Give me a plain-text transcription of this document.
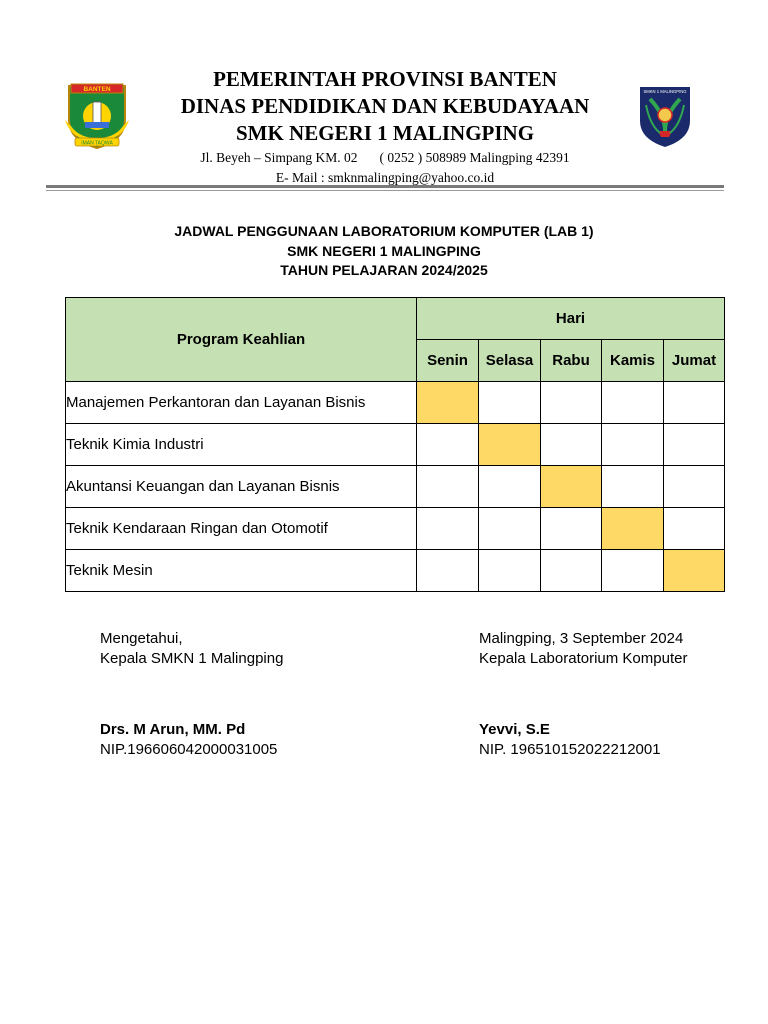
BANTEN
IMAN TAQWA
SMKN 1 MALINGPING
PEMERINTAH PROVINSI BANTEN
DINAS PENDIDIKAN DAN KEBUDAYAAN
SMK NEGERI 1 MALINGPING
Jl. Beyeh – Simpang KM. 02 ( 0252 ) 508989 Malingping 42391
E- Mail : smknmalingping@yahoo.co.id
JADWAL PENGGUNAAN LABORATORIUM KOMPUTER (LAB 1)
SMK NEGERI 1 MALINGPING
TAHUN PELAJARAN 2024/2025
Program Keahlian	Hari				
	Senin	Selasa	Rabu	Kamis	Jumat
Manajemen Perkantoran dan Layanan Bisnis					
Teknik Kimia Industri					
Akuntansi Keuangan dan Layanan Bisnis					
Teknik Kendaraan Ringan dan Otomotif					
Teknik Mesin					
Mengetahui,
Kepala SMKN 1 Malingping
Drs. M Arun, MM. Pd
NIP.196606042000031005
Malingping, 3 September 2024
Kepala Laboratorium Komputer
Yevvi, S.E
NIP. 196510152022212001
